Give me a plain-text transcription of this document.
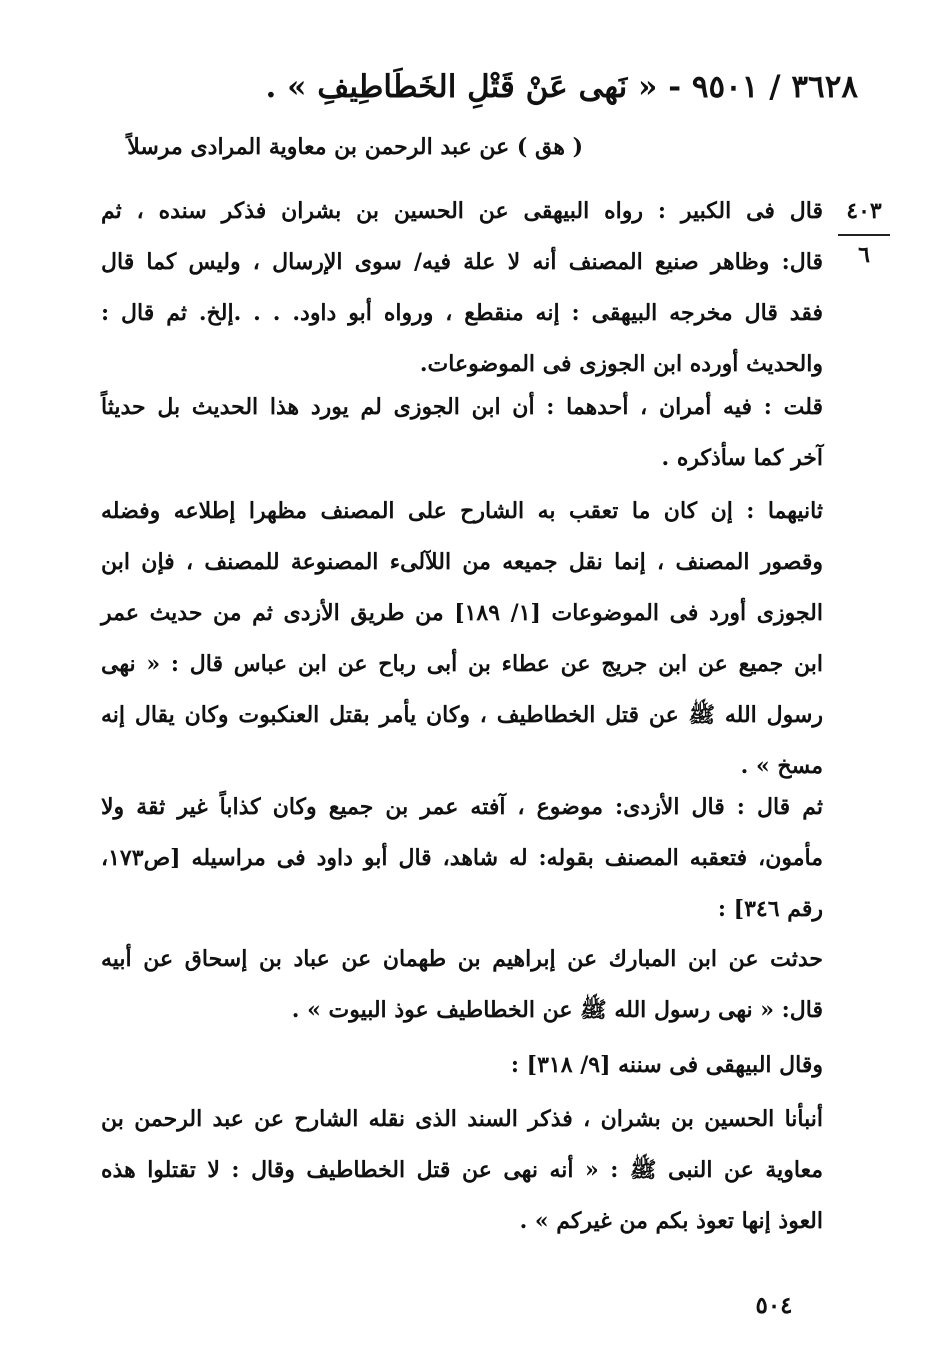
٣٦٢٨ / ٩٥٠١ - « نَهى عَنْ قَتْلِ الخَطَاطِيفِ » .
( هق ) عن عبد الرحمن بن معاوية المرادى مرسلاً
٤٠٣
٦
قال فى الكبير : رواه البيهقى عن الحسين بن بشران فذكر سنده ، ثم
قال: وظاهر صنيع المصنف أنه لا علة فيه/ سوى الإرسال ، وليس كما قال
فقد قال مخرجه البيهقى : إنه منقطع ، ورواه أبو داود. . . .إلخ. ثم قال :
والحديث أورده ابن الجوزى فى الموضوعات.
قلت : فيه أمران ، أحدهما : أن ابن الجوزى لم يورد هذا الحديث بل حديثاً
آخر كما سأذكره .
ثانيهما : إن كان ما تعقب به الشارح على المصنف مظهرا إطلاعه وفضله
وقصور المصنف ، إنما نقل جميعه من اللآلىء المصنوعة للمصنف ، فإن ابن
الجوزى أورد فى الموضوعات [١/ ١٨٩] من طريق الأزدى ثم من حديث عمر
ابن جميع عن ابن جريج عن عطاء بن أبى رباح عن ابن عباس قال : « نهى
رسول الله ﷺ عن قتل الخطاطيف ، وكان يأمر بقتل العنكبوت وكان يقال إنه
مسخ » .
ثم قال : قال الأزدى: موضوع ، آفته عمر بن جميع وكان كذاباً غير ثقة ولا
مأمون، فتعقبه المصنف بقوله: له شاهد، قال أبو داود فى مراسيله [ص١٧٣،
رقم ٣٤٦] :
حدثت عن ابن المبارك عن إبراهيم بن طهمان عن عباد بن إسحاق عن أبيه
قال: « نهى رسول الله ﷺ عن الخطاطيف عوذ البيوت » .
وقال البيهقى فى سننه [٩/ ٣١٨] :
أنبأنا الحسين بن بشران ، فذكر السند الذى نقله الشارح عن عبد الرحمن بن
معاوية عن النبى ﷺ : « أنه نهى عن قتل الخطاطيف وقال : لا تقتلوا هذه
العوذ إنها تعوذ بكم من غيركم » .
٥٠٤
